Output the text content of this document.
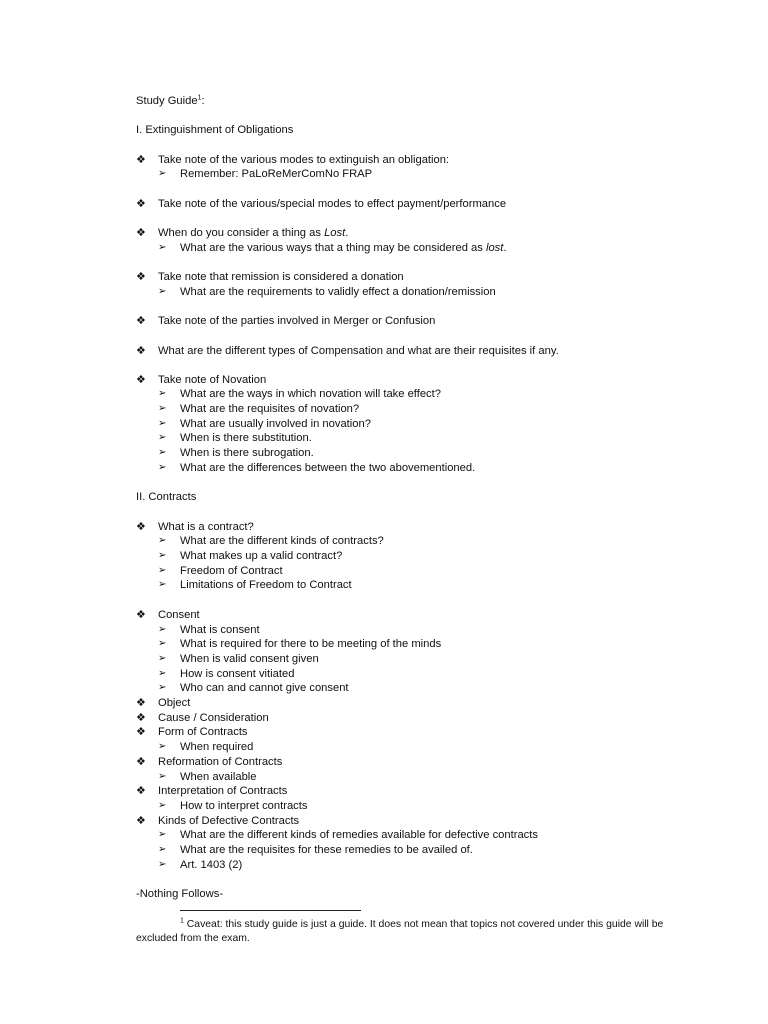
Study Guide$^1$:
I. Extinguishment of Obligations
❖ Take note of the various modes to extinguish an obligation:
➢ Remember: PaLoReMerComNo FRAP
❖ Take note of the various/special modes to effect payment/performance
❖ When do you consider a thing as Lost.
➢ What are the various ways that a thing may be considered as lost.
❖ Take note that remission is considered a donation
➢ What are the requirements to validly effect a donation/remission
❖ Take note of the parties involved in Merger or Confusion
❖ What are the different types of Compensation and what are their requisites if any.
❖ Take note of Novation
➢ What are the ways in which novation will take effect?
➢ What are the requisites of novation?
➢ What are usually involved in novation?
➢ When is there substitution.
➢ When is there subrogation.
➢ What are the differences between the two abovementioned.
II. Contracts
❖ What is a contract?
➢ What are the different kinds of contracts?
➢ What makes up a valid contract?
➢ Freedom of Contract
➢ Limitations of Freedom to Contract
❖ Consent
➢ What is consent
➢ What is required for there to be meeting of the minds
➢ When is valid consent given
➢ How is consent vitiated
➢ Who can and cannot give consent
❖ Object
❖ Cause / Consideration
❖ Form of Contracts
➢ When required
❖ Reformation of Contracts
➢ When available
❖ Interpretation of Contracts
➢ How to interpret contracts
❖ Kinds of Defective Contracts
➢ What are the different kinds of remedies available for defective contracts
➢ What are the requisites for these remedies to be availed of.
➢ Art. 1403 (2)
-Nothing Follows-
$^1$ Caveat: this study guide is just a guide. It does not mean that topics not covered under this guide will be excluded from the exam.
